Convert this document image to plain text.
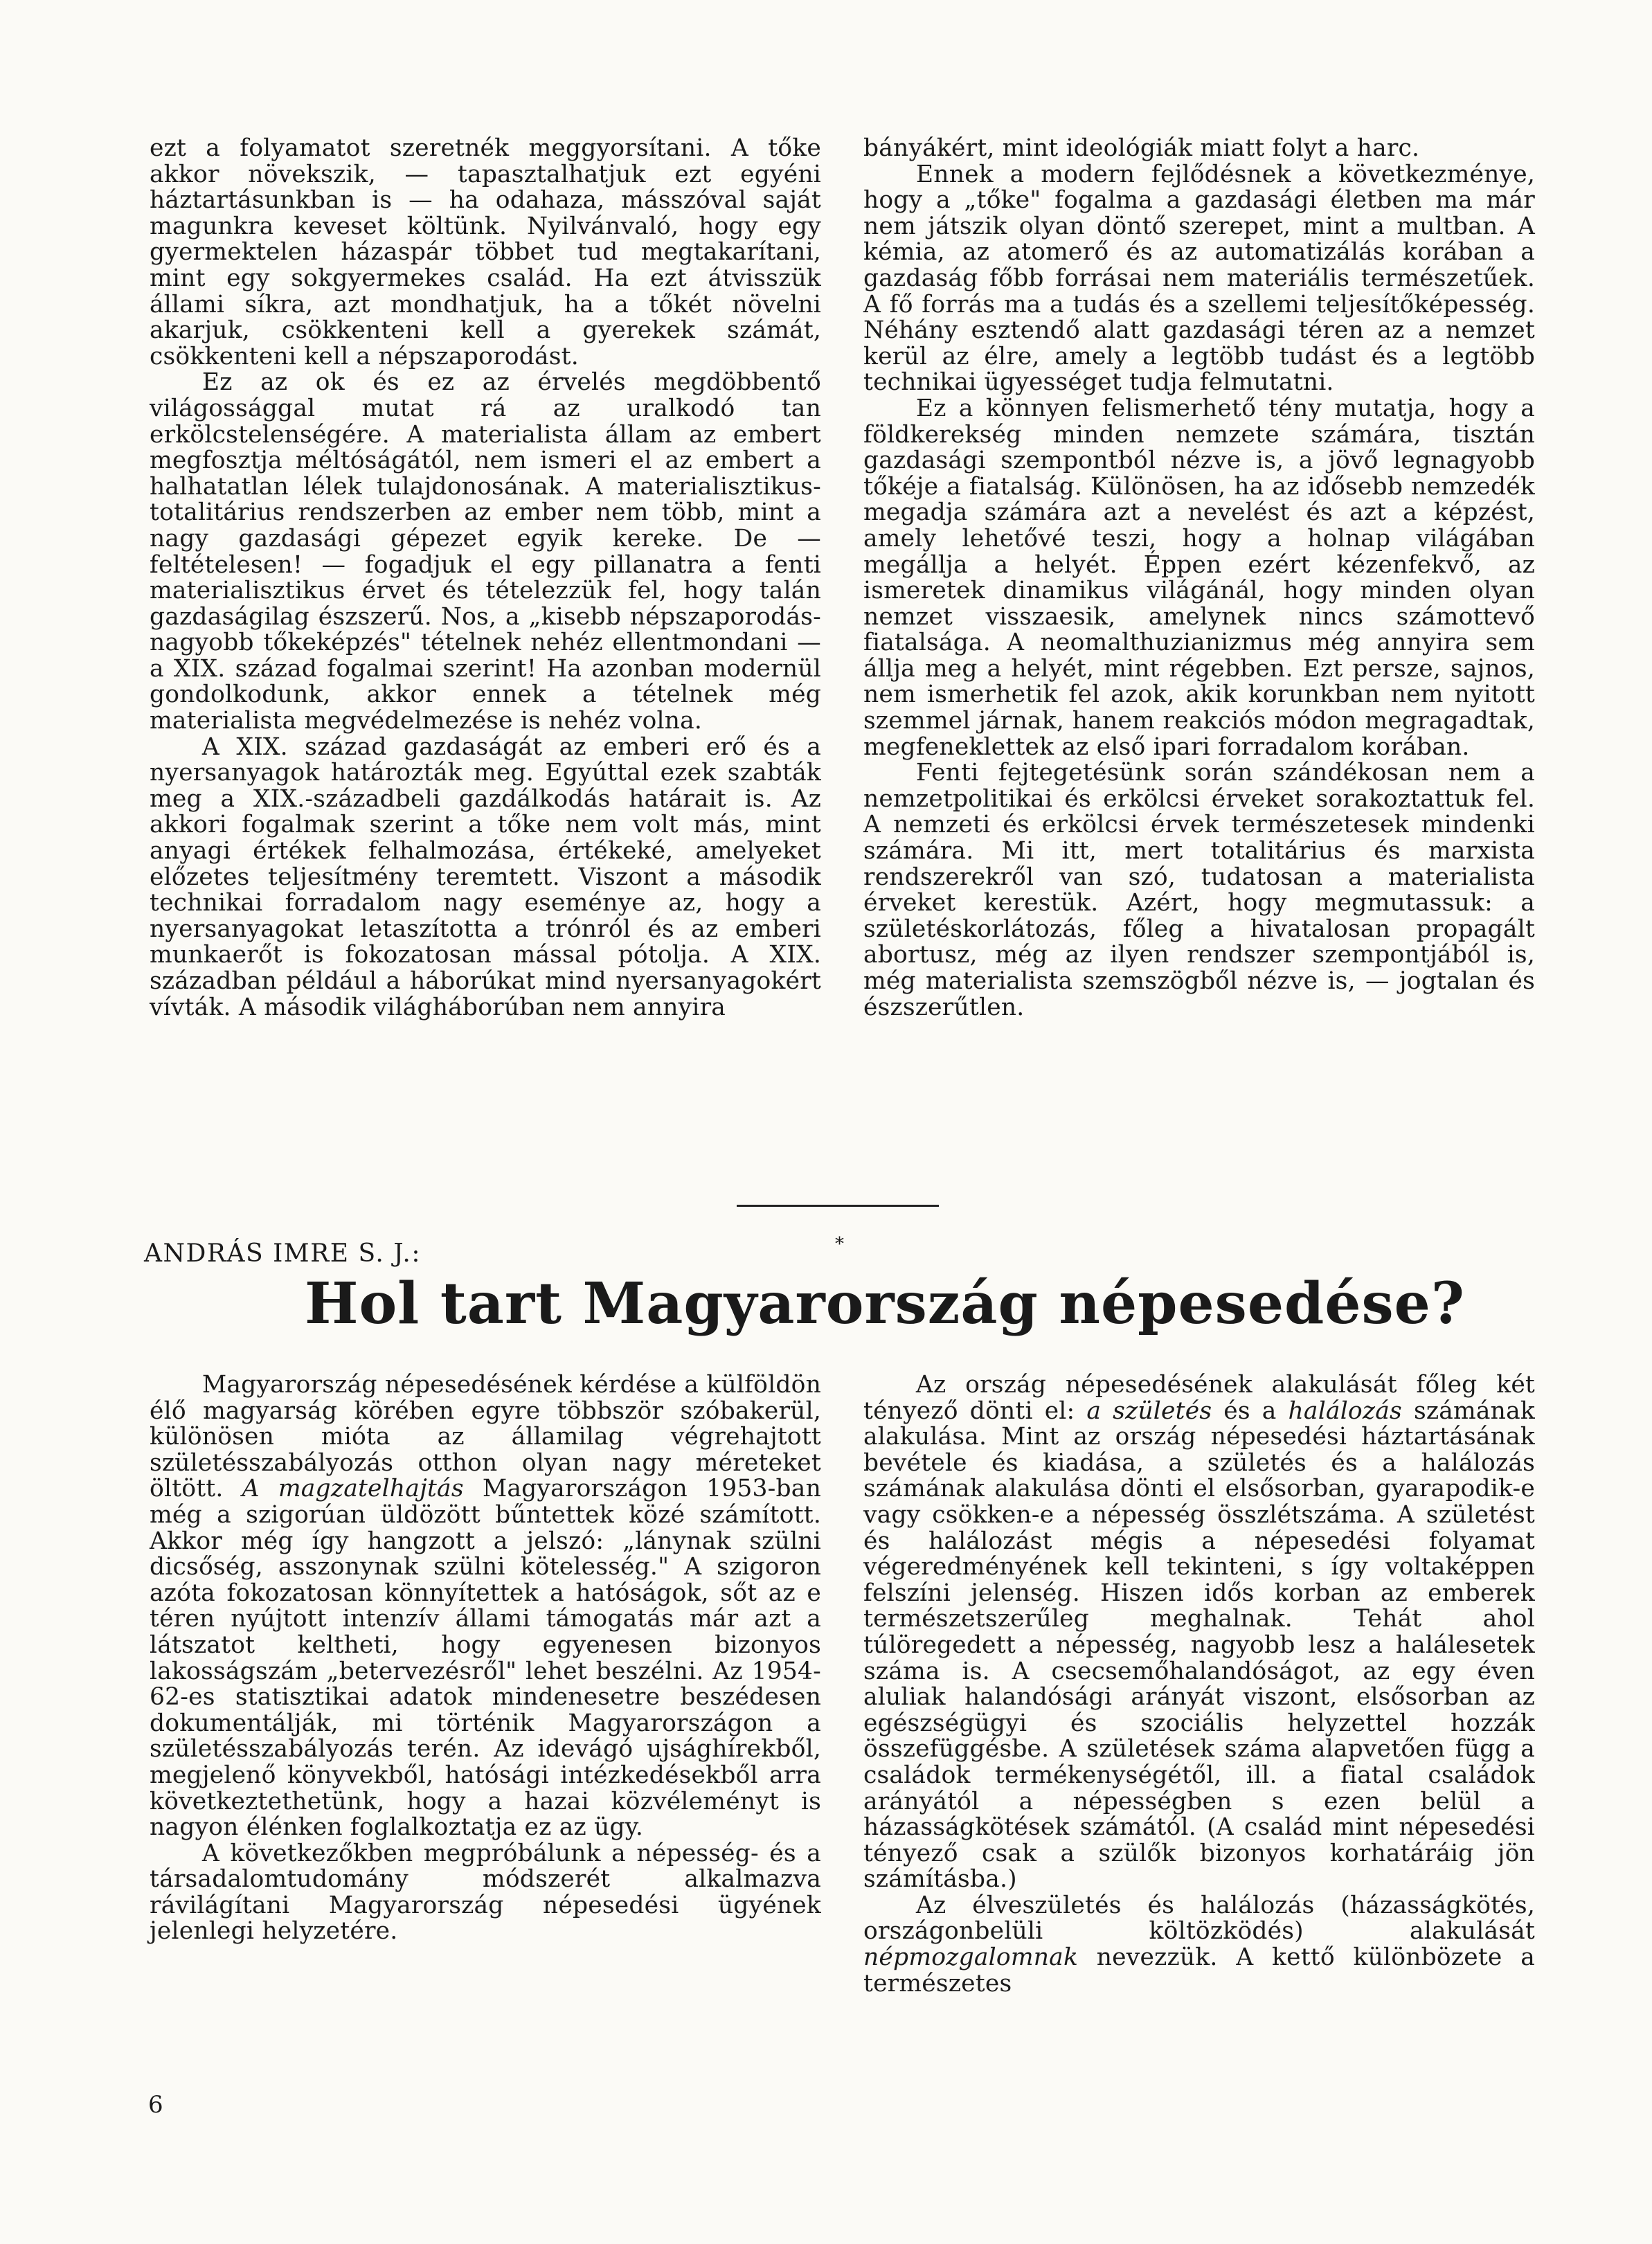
ezt a folyamatot szeretnék meggyorsítani. A tőke akkor növekszik, — tapasztalhatjuk ezt egyéni háztartásunkban is — ha odahaza, másszóval saját magunkra keveset költünk. Nyilvánvaló, hogy egy gyermektelen házaspár többet tud megtakarítani, mint egy sokgyermekes család. Ha ezt átvisszük állami síkra, azt mondhatjuk, ha a tőkét növelni akarjuk, csökkenteni kell a gyerekek számát, csökkenteni kell a népszaporodást.

Ez az ok és ez az érvelés megdöbbentő világossággal mutat rá az uralkodó tan erkölcstelenségére. A materialista állam az embert megfosztja méltóságától, nem ismeri el az embert a halhatatlan lélek tulajdonosának. A materialisztikus-totalitárius rendszerben az ember nem több, mint a nagy gazdasági gépezet egyik kereke. De — feltételesen! — fogadjuk el egy pillanatra a fenti materialisztikus érvet és tételezzük fel, hogy talán gazdaságilag észszerű. Nos, a „kisebb népszaporodás-nagyobb tőkeképzés" tételnek nehéz ellentmondani — a XIX. század fogalmai szerint! Ha azonban modernül gondolkodunk, akkor ennek a tételnek még materialista megvédelmezése is nehéz volna.

A XIX. század gazdaságát az emberi erő és a nyersanyagok határozták meg. Egyúttal ezek szabták meg a XIX.-századbeli gazdálkodás határait is. Az akkori fogalmak szerint a tőke nem volt más, mint anyagi értékek felhalmozása, értékeké, amelyeket előzetes teljesítmény teremtett. Viszont a második technikai forradalom nagy eseménye az, hogy a nyersanyagokat letaszította a trónról és az emberi munkaerőt is fokozatosan mással pótolja. A XIX. században például a háborúkat mind nyersanyagokért vívták. A második világháborúban nem annyira

bányákért, mint ideológiák miatt folyt a harc.

Ennek a modern fejlődésnek a következménye, hogy a „tőke" fogalma a gazdasági életben ma már nem játszik olyan döntő szerepet, mint a multban. A kémia, az atomerő és az automatizálás korában a gazdaság főbb forrásai nem materiális természetűek. A fő forrás ma a tudás és a szellemi teljesítőképesség. Néhány esztendő alatt gazdasági téren az a nemzet kerül az élre, amely a legtöbb tudást és a legtöbb technikai ügyességet tudja felmutatni.

Ez a könnyen felismerhető tény mutatja, hogy a földkerekség minden nemzete számára, tisztán gazdasági szempontból nézve is, a jövő legnagyobb tőkéje a fiatalság. Különösen, ha az idősebb nemzedék megadja számára azt a nevelést és azt a képzést, amely lehetővé teszi, hogy a holnap világában megállja a helyét. Éppen ezért kézenfekvő, az ismeretek dinamikus világánál, hogy minden olyan nemzet visszaesik, amelynek nincs számottevő fiatalsága. A neomalthuzianizmus még annyira sem állja meg a helyét, mint régebben. Ezt persze, sajnos, nem ismerhetik fel azok, akik korunkban nem nyitott szemmel járnak, hanem reakciós módon megragadtak, megfeneklettek az első ipari forradalom korában.

Fenti fejtegetésünk során szándékosan nem a nemzetpolitikai és erkölcsi érveket sorakoztattuk fel. A nemzeti és erkölcsi érvek természetesek mindenki számára. Mi itt, mert totalitárius és marxista rendszerekről van szó, tudatosan a materialista érveket kerestük. Azért, hogy megmutassuk: a születéskorlátozás, főleg a hivatalosan propagált abortusz, még az ilyen rendszer szempontjából is, még materialista szemszögből nézve is, — jogtalan és észszerűtlen.

ANDRÁS IMRE S. J.:	*
Hol tart Magyarország népesedése?

Magyarország népesedésének kérdése a külföldön élő magyarság körében egyre többször szóbakerül, különösen mióta az államilag végrehajtott születésszabályozás otthon olyan nagy méreteket öltött. A magzatelhajtás Magyarországon 1953-ban még a szigorúan üldözött bűntettek közé számított. Akkor még így hangzott a jelszó: „lánynak szülni dicsőség, asszonynak szülni kötelesség." A szigoron azóta fokozatosan könnyítettek a hatóságok, sőt az e téren nyújtott intenzív állami támogatás már azt a látszatot keltheti, hogy egyenesen bizonyos lakosságszám „betervezésről" lehet beszélni. Az 1954-62-es statisztikai adatok mindenesetre beszédesen dokumentálják, mi történik Magyarországon a születésszabályozás terén. Az idevágó ujsághírekből, megjelenő könyvekből, hatósági intézkedésekből arra következtethetünk, hogy a hazai közvéleményt is nagyon élénken foglalkoztatja ez az ügy.

A következőkben megpróbálunk a népesség- és a társadalomtudomány módszerét alkalmazva rávilágítani Magyarország népesedési ügyének jelenlegi helyzetére.

Az ország népesedésének alakulását főleg két tényező dönti el: a születés és a halálozás számának alakulása. Mint az ország népesedési háztartásának bevétele és kiadása, a születés és a halálozás számának alakulása dönti el elsősorban, gyarapodik-e vagy csökken-e a népesség összlétszáma. A születést és halálozást mégis a népesedési folyamat végeredményének kell tekinteni, s így voltaképpen felszíni jelenség. Hiszen idős korban az emberek természetszerűleg meghalnak. Tehát ahol túlöregedett a népesség, nagyobb lesz a halálesetek száma is. A csecsemőhalandóságot, az egy éven aluliak halandósági arányát viszont, elsősorban az egészségügyi és szociális helyzettel hozzák összefüggésbe. A születések száma alapvetően függ a családok termékenységétől, ill. a fiatal családok arányától a népességben s ezen belül a házasságkötések számától. (A család mint népesedési tényező csak a szülők bizonyos korhatáráig jön számításba.)

Az élveszületés és halálozás (házasságkötés, országonbelüli költözködés) alakulását népmozgalomnak nevezzük. A kettő különbözete a természetes

6
